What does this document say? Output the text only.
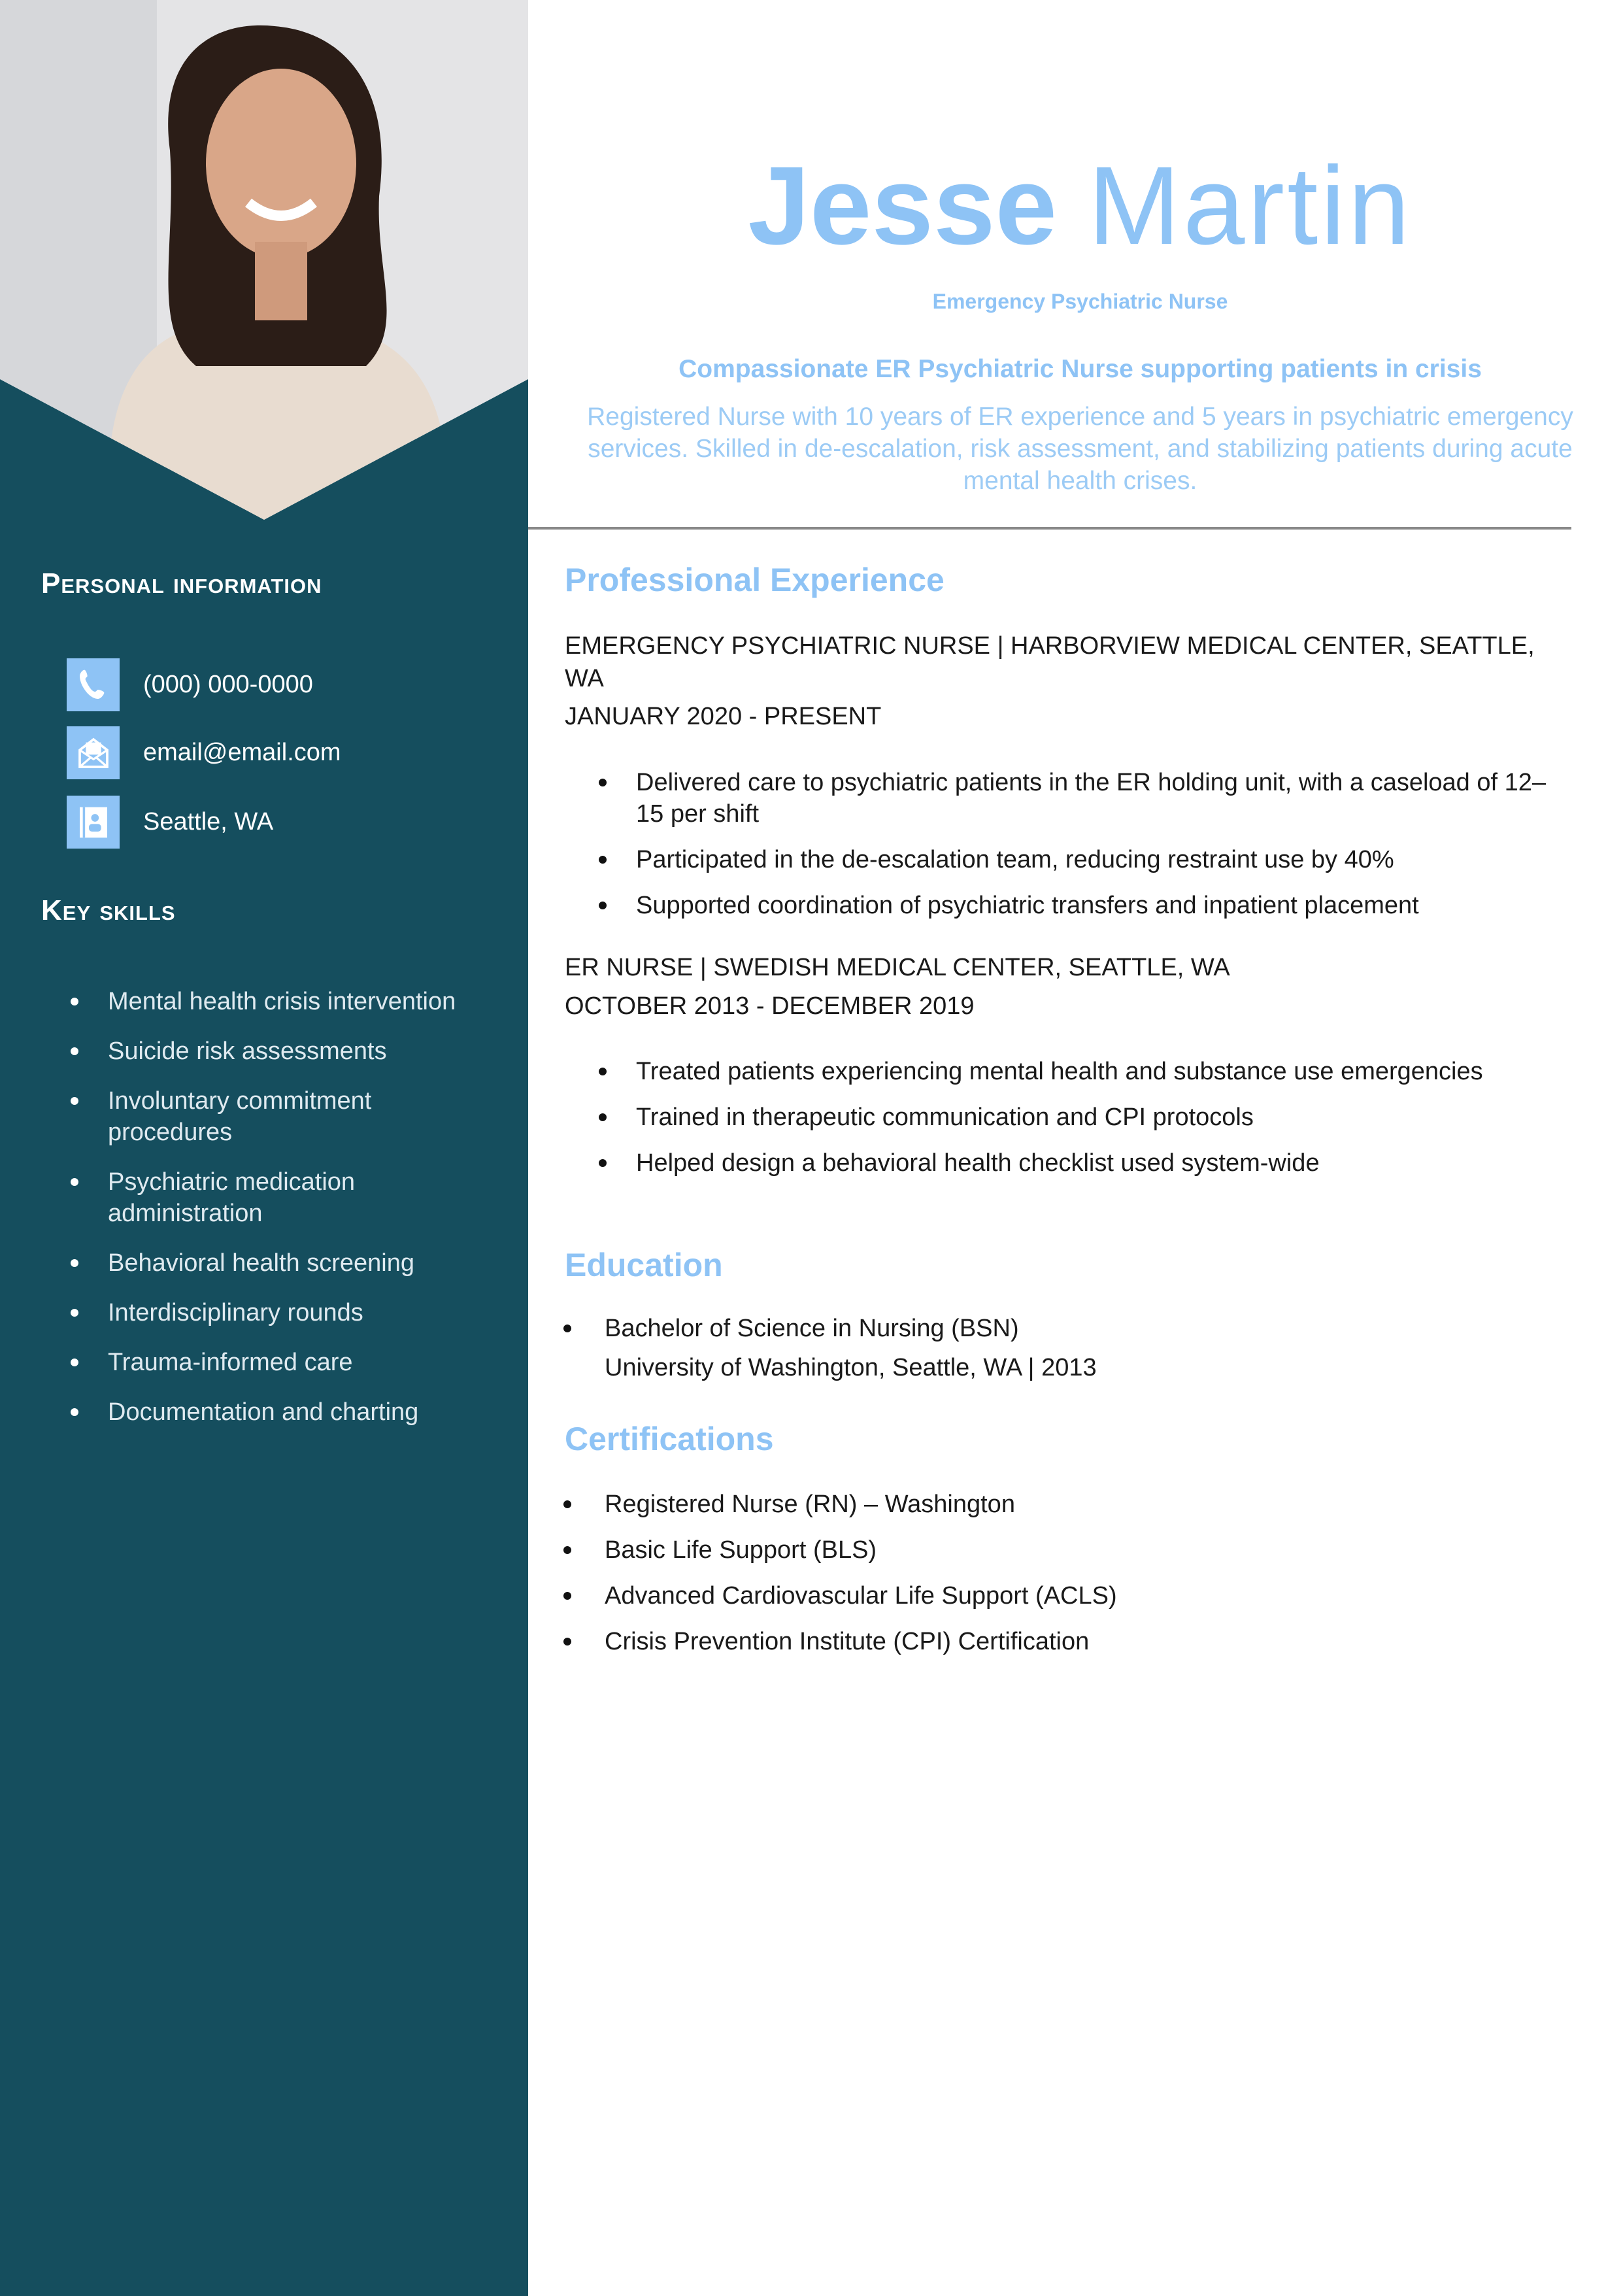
Personal information
(000) 000-0000
email@email.com
Seattle, WA
Key skills
Mental health crisis intervention
Suicide risk assessments
Involuntary commitment procedures
Psychiatric medication administration
Behavioral health screening
Interdisciplinary rounds
Trauma-informed care
Documentation and charting
Jesse Martin
Emergency Psychiatric Nurse
Compassionate ER Psychiatric Nurse supporting patients in crisis
Registered Nurse with 10 years of ER experience and 5 years in psychiatric emergency services. Skilled in de-escalation, risk assessment, and stabilizing patients during acute mental health crises.
Professional Experience
EMERGENCY PSYCHIATRIC NURSE | HARBORVIEW MEDICAL CENTER, SEATTLE, WA
JANUARY 2020 - PRESENT
Delivered care to psychiatric patients in the ER holding unit, with a caseload of 12–15 per shift
Participated in the de-escalation team, reducing restraint use by 40%
Supported coordination of psychiatric transfers and inpatient placement
ER NURSE | SWEDISH MEDICAL CENTER, SEATTLE, WA
OCTOBER 2013 - DECEMBER 2019
Treated patients experiencing mental health and substance use emergencies
Trained in therapeutic communication and CPI protocols
Helped design a behavioral health checklist used system-wide
Education
Bachelor of Science in Nursing (BSN)
University of Washington, Seattle, WA | 2013
Certifications
Registered Nurse (RN) – Washington
Basic Life Support (BLS)
Advanced Cardiovascular Life Support (ACLS)
Crisis Prevention Institute (CPI) Certification
